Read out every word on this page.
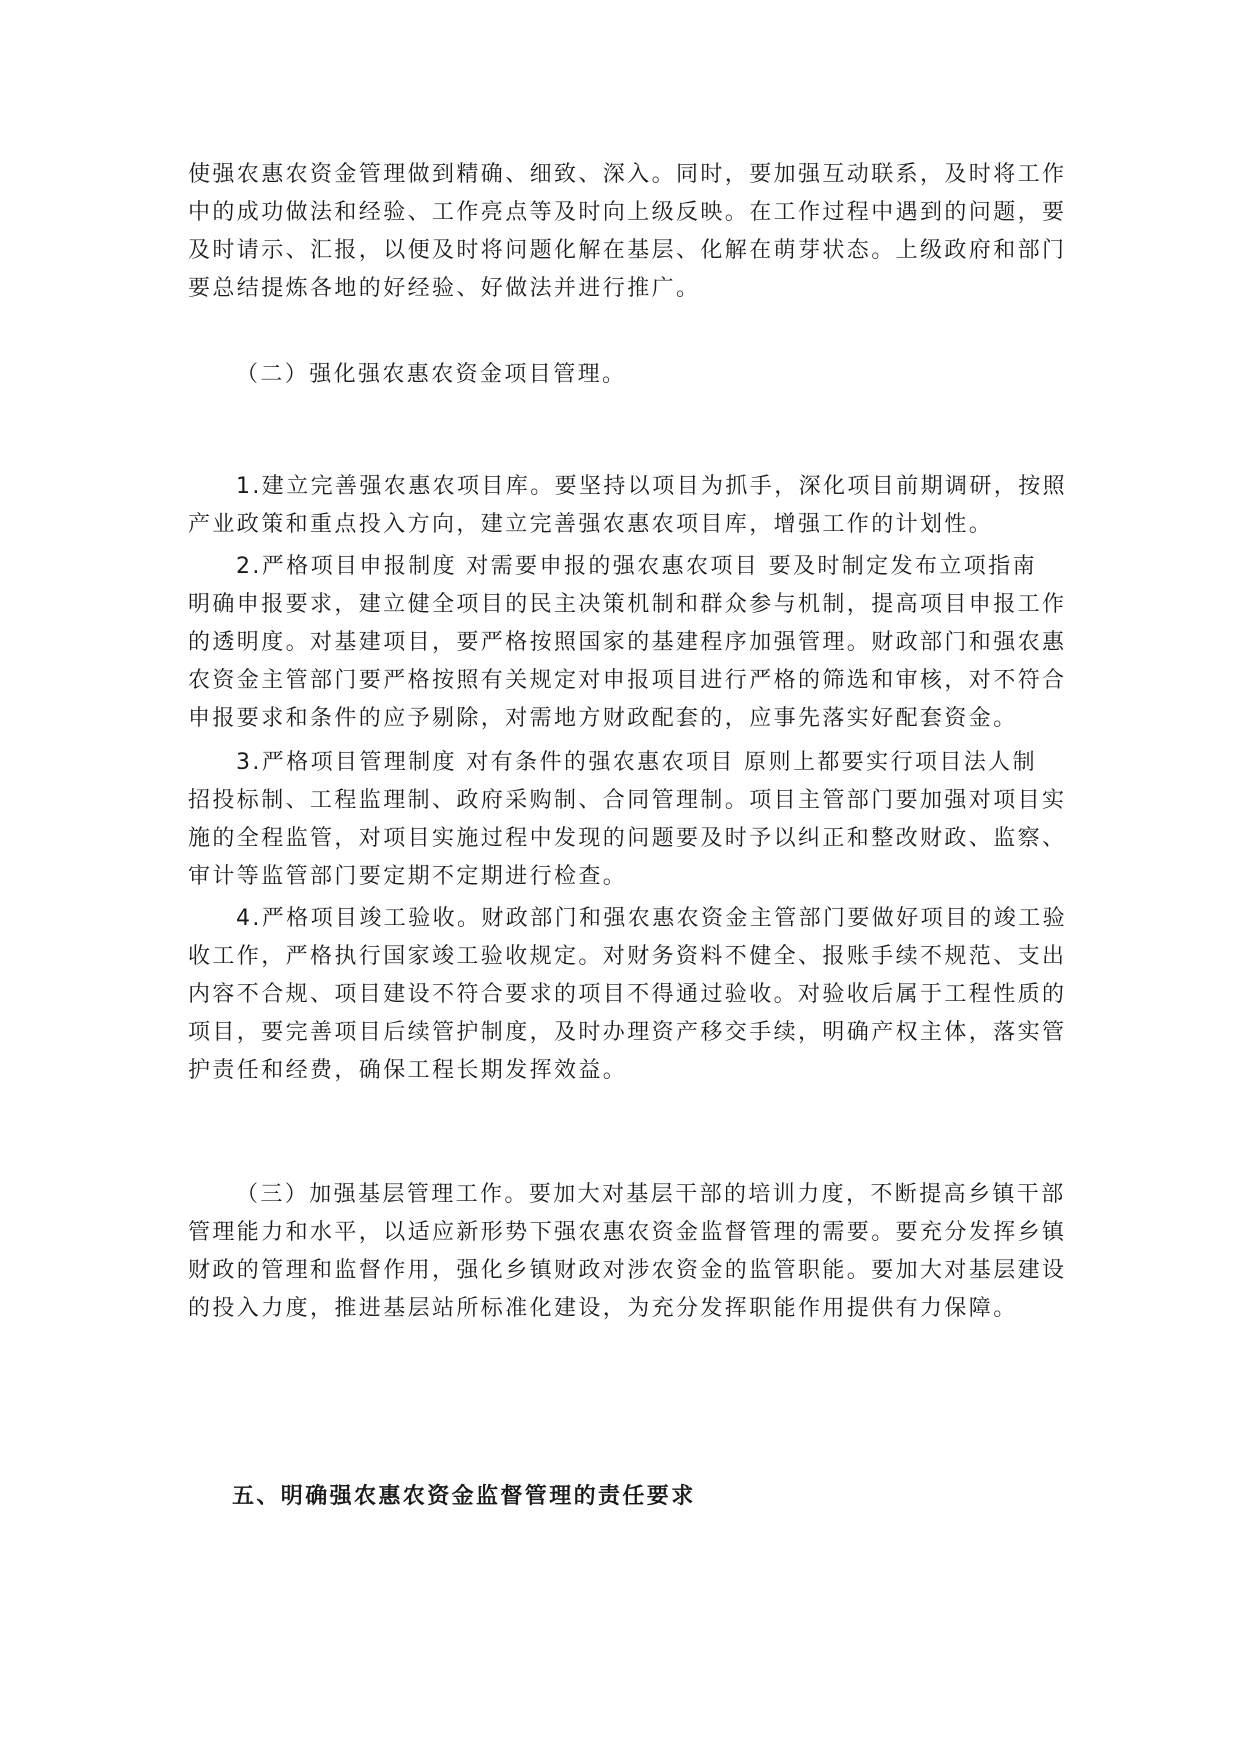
使强农惠农资金管理做到精确、细致、深入。同时，要加强互动联系，及时将工作
中的成功做法和经验、工作亮点等及时向上级反映。在工作过程中遇到的问题，要
及时请示、汇报，以便及时将问题化解在基层、化解在萌芽状态。上级政府和部门
要总结提炼各地的好经验、好做法并进行推广。
（二）强化强农惠农资金项目管理。
1.建立完善强农惠农项目库。要坚持以项目为抓手，深化项目前期调研，按照
产业政策和重点投入方向，建立完善强农惠农项目库，增强工作的计划性。
2.严格项目申报制度 对需要申报的强农惠农项目 要及时制定发布立项指南
明确申报要求，建立健全项目的民主决策机制和群众参与机制，提高项目申报工作
的透明度。对基建项目，要严格按照国家的基建程序加强管理。财政部门和强农惠
农资金主管部门要严格按照有关规定对申报项目进行严格的筛选和审核，对不符合
申报要求和条件的应予剔除，对需地方财政配套的，应事先落实好配套资金。
3.严格项目管理制度 对有条件的强农惠农项目 原则上都要实行项目法人制
招投标制、工程监理制、政府采购制、合同管理制。项目主管部门要加强对项目实
施的全程监管，对项目实施过程中发现的问题要及时予以纠正和整改财政、监察、
审计等监管部门要定期不定期进行检查。
4.严格项目竣工验收。财政部门和强农惠农资金主管部门要做好项目的竣工验
收工作，严格执行国家竣工验收规定。对财务资料不健全、报账手续不规范、支出
内容不合规、项目建设不符合要求的项目不得通过验收。对验收后属于工程性质的
项目，要完善项目后续管护制度，及时办理资产移交手续，明确产权主体，落实管
护责任和经费，确保工程长期发挥效益。
（三）加强基层管理工作。要加大对基层干部的培训力度，不断提高乡镇干部
管理能力和水平，以适应新形势下强农惠农资金监督管理的需要。要充分发挥乡镇
财政的管理和监督作用，强化乡镇财政对涉农资金的监管职能。要加大对基层建设
的投入力度，推进基层站所标准化建设，为充分发挥职能作用提供有力保障。
五、明确强农惠农资金监督管理的责任要求
